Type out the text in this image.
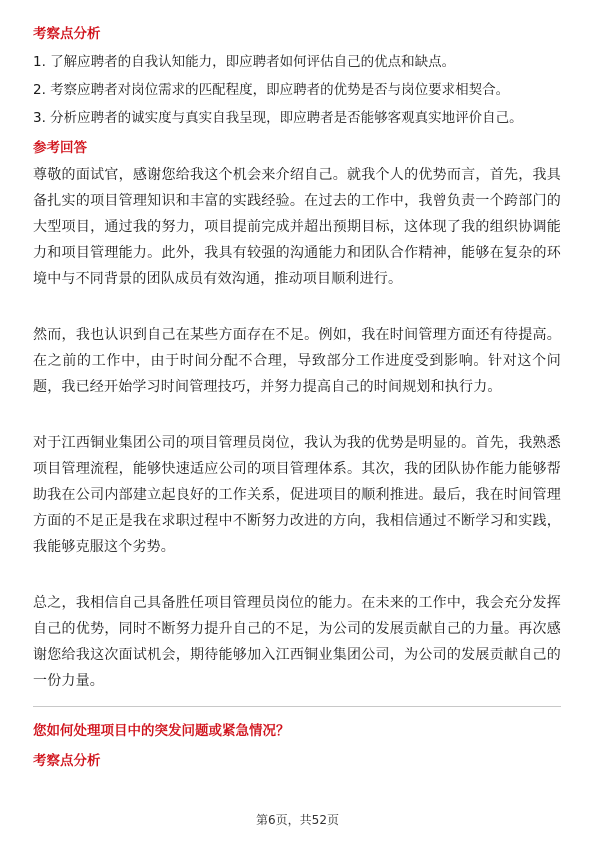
考察点分析
1. 了解应聘者的自我认知能力，即应聘者如何评估自己的优点和缺点。
2. 考察应聘者对岗位需求的匹配程度，即应聘者的优势是否与岗位要求相契合。
3. 分析应聘者的诚实度与真实自我呈现，即应聘者是否能够客观真实地评价自己。
参考回答

尊敬的面试官，感谢您给我这个机会来介绍自己。就我个人的优势而言，首先，我具备扎实的项目管理知识和丰富的实践经验。在过去的工作中，我曾负责一个跨部门的大型项目，通过我的努力，项目提前完成并超出预期目标，这体现了我的组织协调能力和项目管理能力。此外，我具有较强的沟通能力和团队合作精神，能够在复杂的环境中与不同背景的团队成员有效沟通，推动项目顺利进行。

然而，我也认识到自己在某些方面存在不足。例如，我在时间管理方面还有待提高。在之前的工作中，由于时间分配不合理，导致部分工作进度受到影响。针对这个问题，我已经开始学习时间管理技巧，并努力提高自己的时间规划和执行力。

对于江西铜业集团公司的项目管理员岗位，我认为我的优势是明显的。首先，我熟悉项目管理流程，能够快速适应公司的项目管理体系。其次，我的团队协作能力能够帮助我在公司内部建立起良好的工作关系，促进项目的顺利推进。最后，我在时间管理方面的不足正是我在求职过程中不断努力改进的方向，我相信通过不断学习和实践，我能够克服这个劣势。

总之，我相信自己具备胜任项目管理员岗位的能力。在未来的工作中，我会充分发挥自己的优势，同时不断努力提升自己的不足，为公司的发展贡献自己的力量。再次感谢您给我这次面试机会，期待能够加入江西铜业集团公司，为公司的发展贡献自己的一份力量。

您如何处理项目中的突发问题或紧急情况？
考察点分析
第6页，共52页
